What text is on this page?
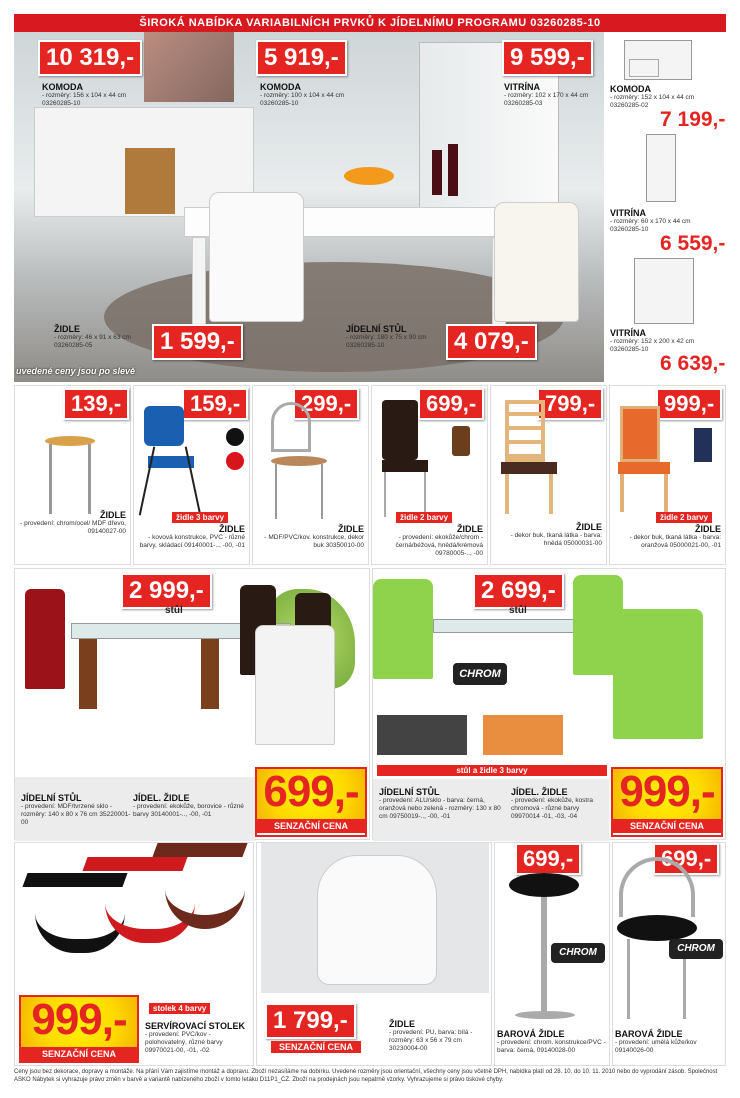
ŠIROKÁ NABÍDKA VARIABILNÍCH PRVKŮ K JÍDELNÍMU PROGRAMU 03260285-10
10 319,-
KOMODA
- rozměry: 156 x 104 x 44 cm
03260285-10
5 919,-
KOMODA
- rozměry: 100 x 104 x 44 cm
03260285-10
9 599,-
VITRÍNA
- rozměry: 102 x 170 x 44 cm
03260285-03
ŽIDLE
- rozměry: 46 x 91 x 63 cm
03260285-05	1 599,-	JÍDELNÍ STŮL
- rozměry: 180 x 75 x 90 cm
03260285-10	4 079,-
uvedené ceny jsou po slevě
KOMODA
- rozměry: 152 x 104 x 44 cm
03260285-02
7 199,-
VITRÍNA
- rozměry: 60 x 170 x 44 cm
03260285-10
6 559,-
VITRÍNA
- rozměry: 152 x 200 x 42 cm
03260285-10
6 639,-
139,-
ŽIDLE
- provedení: chrom/ocel/ MDF dřevo, 09140027-00
159,-
židle 3 barvy
ŽIDLE
- kovová konstrukce, PVC - různé barvy, skládací 09140001-.., -00, -01
299,-
ŽIDLE
- MDF/PVC/kov. konstrukce, dekor buk 30350010-00
699,-
židle 2 barvy
ŽIDLE
- provedení: ekokůže/chrom - černá/béžová, hnědá/krémová 09780005-.., -00
799,-
ŽIDLE
- dekor buk, tkaná látka - barva: hnědá 05000031-00
999,-
židle 2 barvy
ŽIDLE
- dekor buk, tkaná látka - barva: oranžová 05000021-00, -01
2 999,-
stůl
JÍDELNÍ STŮL
- provedení: MDF/tvrzené sklo - rozměry: 140 x 80 x 76 cm 35220001-00
JÍDEL. ŽIDLE
- provedení: ekokůže, borovice - různé barvy 30140001-.., -00, -01	699,-
SENZAČNÍ CENA
2 699,-
stůl
CHROM
stůl a židle 3 barvy
JÍDELNÍ STŮL
- provedení: ALU/sklo - barva: černá, oranžová nebo zelená - rozměry: 130 x 80 cm 09750019-.., -00, -01
JÍDEL. ŽIDLE
- provedení: ekokůže, kostra chromová - různé barvy 09970014 -01, -03, -04
999,-
SENZAČNÍ CENA
999,-
SENZAČNÍ CENA
stolek 4 barvy
SERVÍROVACÍ STOLEK
- provedení: PVC/kov - polohovatelný, různé barvy 09970021-00, -01, -02
1 799,-
SENZAČNÍ CENA
ŽIDLE
- provedení: PU, barva: bílá - rozměry: 63 x 56 x 79 cm 30230004-00
699,-
CHROM
BAROVÁ ŽIDLE
- provedení: chrom. konstrukce/PVC - barva: černá, 09140028-00
699,-
CHROM
BAROVÁ ŽIDLE
- provedení: umělá kůže/kov 09140026-00
Ceny jsou bez dekorace, dopravy a montáže. Na přání Vám zajistíme montáž a dopravu. Zboží nezasíláme na dobírku. Uvedené rozměry jsou orientační, všechny ceny jsou včetně DPH, nabídka platí od 28. 10. do 10. 11. 2010 nebo do vyprodání zásob. Společnost ASKO Nábytek si vyhrazuje právo změn v barvě a variantě nabízeného zboží v tomto letáku D11P1_CZ. Zboží na prodejnách jsou nepatrně vzorky. Vyhrazujeme si právo tiskové chyby.
